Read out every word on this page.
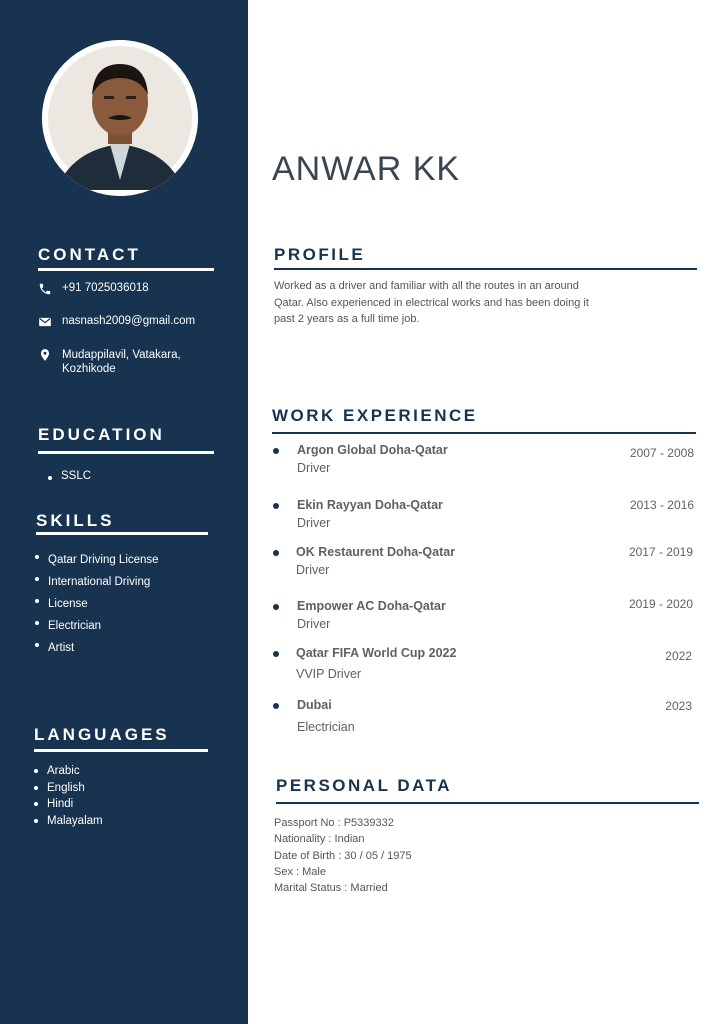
CONTACT
+91 7025036018
nasnash2009@gmail.com
Mudappilavil, Vatakara,
Kozhikode
EDUCATION
SSLC
SKILLS
Qatar Driving License
International Driving
License
Electrician
Artist
LANGUAGES
Arabic
English
Hindi
Malayalam
ANWAR KK
PROFILE
Worked as a driver and familiar with all the routes in an around
Qatar. Also experienced in electrical works and has been doing it
past 2 years as a full time job.
WORK EXPERIENCE
Argon Global Doha-Qatar
Driver
2007 - 2008
Ekin Rayyan Doha-Qatar
Driver
2013 - 2016
OK Restaurent Doha-Qatar
Driver
2017 - 2019
Empower AC Doha-Qatar
Driver
2019 - 2020
Qatar FIFA World Cup 2022
VVIP Driver
2022
Dubai
Electrician
2023
PERSONAL DATA
Passport No : P5339332
Nationality : Indian
Date of Birth : 30 / 05 / 1975
Sex : Male
Marital Status : Married
